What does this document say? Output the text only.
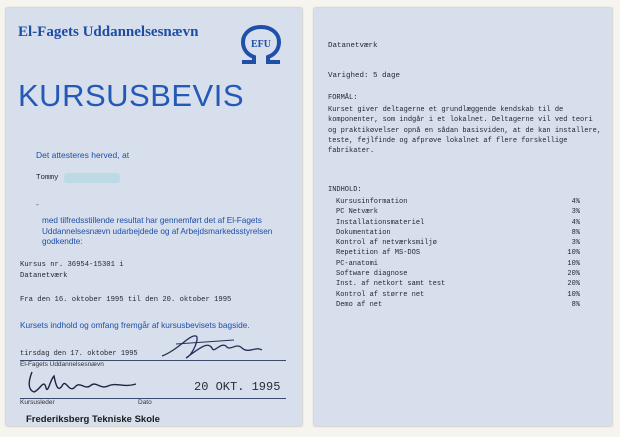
El-Fagets Uddannelsesnævn
EFU
KURSUSBEVIS
Det attesteres herved, at
Tommy
-
med tilfredsstillende resultat har gennemført det af El-Fagets Uddannelsesnævn udarbejdede og af Arbejdsmarkedsstyrelsen godkendte:
Kursus nr. 36954-15301 i
Datanetværk
Fra den 16. oktober 1995 til den 20. oktober 1995
Kursets indhold og omfang fremgår af kursusbevisets bagside.
tirsdag den 17. oktober 1995
El-Fagets Uddannelsesnævn
20 OKT. 1995
Kursusleder	Dato
Frederiksberg Tekniske Skole
Datanetværk
Varighed: 5 dage
FORMÅL:
Kurset giver deltagerne et grundlæggende kendskab til de komponenter, som indgår i et lokalnet. Deltagerne vil ved teori og praktikøvelser opnå en sådan basisviden, at de kan installere, teste, fejlfinde og afprøve lokalnet af flere forskellige fabrikater.
INDHOLD:
Kursusinformation	4%
PC Netværk	3%
Installationsmateriel	4%
Dokumentation	8%
Kontrol af netværksmiljø	3%
Repetition af MS-DOS	10%
PC-anatomi	10%
Software diagnose	20%
Inst. af netkort samt test	20%
Kontrol af større net	10%
Demo af net	8%
